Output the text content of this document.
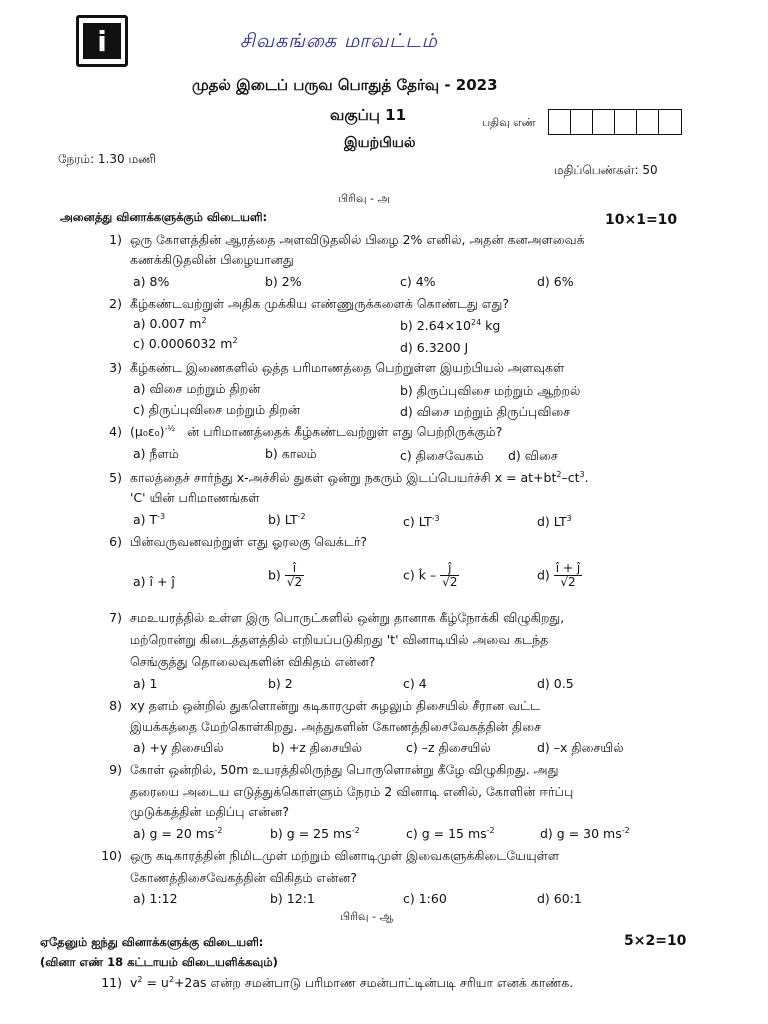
i	சிவகங்கை மாவட்டம்
முதல் இடைப் பருவ பொதுத் தேர்வு - 2023
வகுப்பு 11	பதிவு எண்
இயற்பியல்
நேரம்: 1.30 மணி
மதிப்பெண்கள்: 50
பிரிவு - அ
அனைத்து வினாக்களுக்கும் விடையளி:	10×1=10
1) ஒரு கோளத்தின் ஆரத்தை அளவிடுதலில் பிழை 2% எனில், அதன் கனஅளவைக்
கணக்கிடுதலின் பிழையானது
a) 8%	b) 2%	c) 4%	d) 6%
2) கீழ்கண்டவற்றுள் அதிக முக்கிய எண்ணுருக்களைக் கொண்டது எது?
a) 0.007 $m^2$	b) $2.64\times 10^{24}$ kg
c) 0.0006032 $m^2$	d) 6.3200 J
3) கீழ்கண்ட இணைகளில் ஒத்த பரிமாணத்தை பெற்றுள்ள இயற்பியல் அளவுகள்
a) விசை மற்றும் திறன்	b) திருப்புவிசை மற்றும் ஆற்றல்
c) திருப்புவிசை மற்றும் திறன்	d) விசை மற்றும் திருப்புவிசை
4) $(\mu_0\varepsilon_0)^{-\frac{1}{2}}$ ன் பரிமாணத்தைக் கீழ்கண்டவற்றுள் எது பெற்றிருக்கும்?
a) நீளம்	b) காலம்	c) திசைவேகம் d) விசை
5) காலத்தைச் சார்ந்து x-அச்சில் துகள் ஒன்று நகரும் இடப்பெயர்ச்சி $x = at+bt^2-ct^3$.
'C' யின் பரிமாணங்கள்
a) $T^{-3}$	b) $LT^{-2}$	c) $LT^{-3}$	d) $LT^3$
6) பின்வருவனவற்றுள் எது ஓரலகு வெக்டர்?
a) î + ĵ	$b) \frac{î}{√2}$	c) k̂ – $\frac{ĵ}{√2}$	$d) \frac{î + ĵ}{√2}$
7) சமஉயரத்தில் உள்ள இரு பொருட்களில் ஒன்று தானாக கீழ்நோக்கி விழுகிறது,
மற்றொன்று கிடைத்தளத்தில் எறியப்படுகிறது 't' வினாடியில் அவை கடந்த
செங்குத்து தொலைவுகளின் விகிதம் என்ன?
a) 1	b) 2	c) 4	d) 0.5
8) xy தளம் ஒன்றில் துகளொன்று கடிகாரமுள் சுழலும் திசையில் சீரான வட்ட
இயக்கத்தை மேற்கொள்கிறது. அத்துகளின் கோணத்திசைவேகத்தின் திசை
a) +y திசையில்	b) +z திசையில்	c) –z திசையில்	d) –x திசையில்
9) கோள் ஒன்றில், 50m உயரத்திலிருந்து பொருளொன்று கீழே விழுகிறது. அது
தரையை அடைய எடுத்துக்கொள்ளும் நேரம் 2 வினாடி எனில், கோளின் ஈர்ப்பு
முடுக்கத்தின் மதிப்பு என்ன?
a) g = 20 $ms^{-2}$	b) g = 25 $ms^{-2}$	c) g = 15 $ms^{-2}$	d) g = 30 $ms^{-2}$
10) ஒரு கடிகாரத்தின் நிமிடமுள் மற்றும் வினாடிமுள் இவைகளுக்கிடையேயுள்ள
கோணத்திசைவேகத்தின் விகிதம் என்ன?
a) 1:12	b) 12:1	c) 1:60	d) 60:1
பிரிவு - ஆ
ஏதேனும் ஐந்து வினாக்களுக்கு விடையளி:	5×2=10
(வினா எண் 18 கட்டாயம் விடையளிக்கவும்)
11) $v^2 = u^2+2as$ என்ற சமன்பாடு பரிமாண சமன்பாட்டின்படி சரியா எனக் காண்க.
